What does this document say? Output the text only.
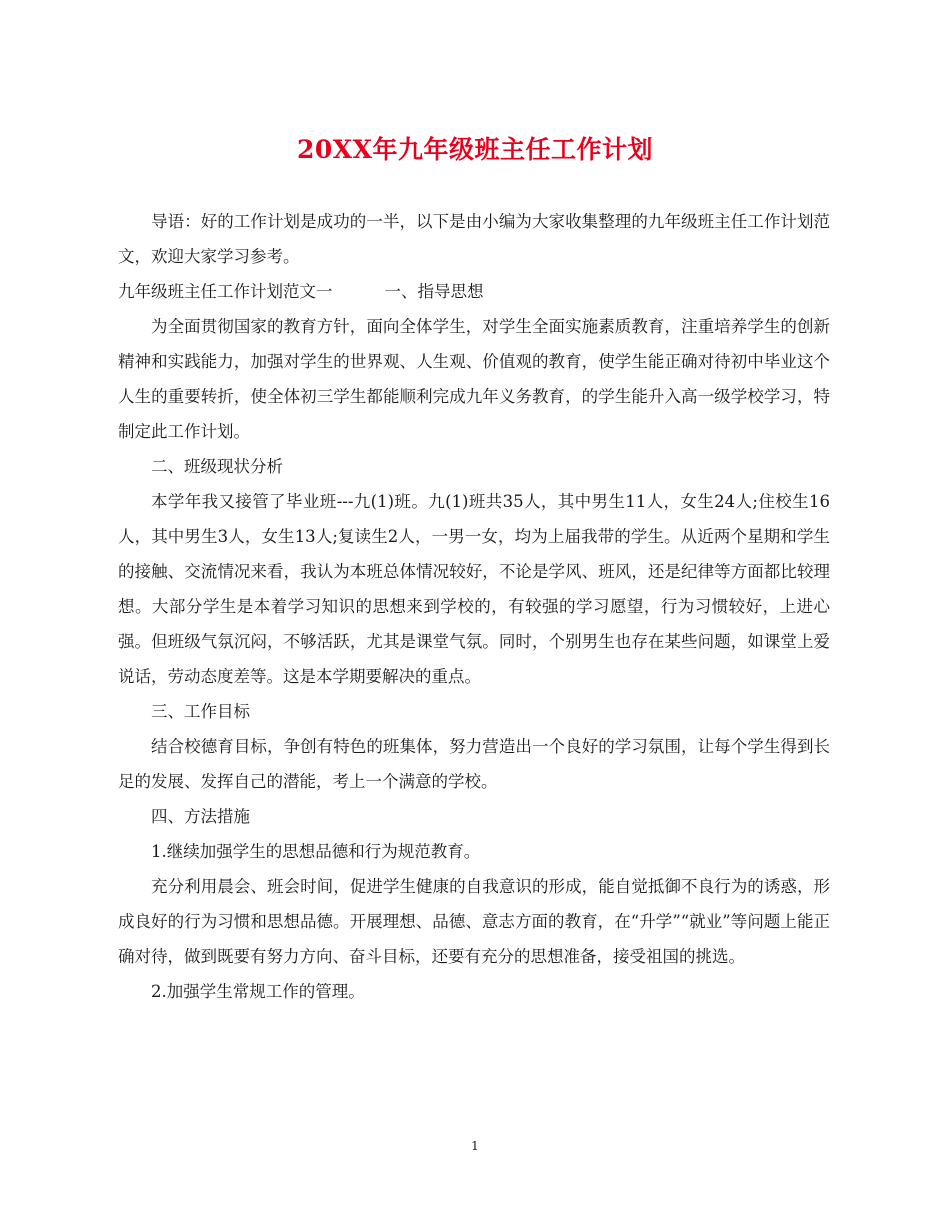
20XX年九年级班主任工作计划

导语：好的工作计划是成功的一半，以下是由小编为大家收集整理的九年级班主任工作计划范文，欢迎大家学习参考。

九年级班主任工作计划范文一	一、指导思想

为全面贯彻国家的教育方针，面向全体学生，对学生全面实施素质教育，注重培养学生的创新精神和实践能力，加强对学生的世界观、人生观、价值观的教育，使学生能正确对待初中毕业这个人生的重要转折，使全体初三学生都能顺利完成九年义务教育，的学生能升入高一级学校学习，特制定此工作计划。

二、班级现状分析

本学年我又接管了毕业班---九(1)班。九(1)班共35人，其中男生11人，女生24人;住校生16人，其中男生3人，女生13人;复读生2人，一男一女，均为上届我带的学生。从近两个星期和学生的接触、交流情况来看，我认为本班总体情况较好，不论是学风、班风，还是纪律等方面都比较理想。大部分学生是本着学习知识的思想来到学校的，有较强的学习愿望，行为习惯较好，上进心强。但班级气氛沉闷，不够活跃，尤其是课堂气氛。同时，个别男生也存在某些问题，如课堂上爱说话，劳动态度差等。这是本学期要解决的重点。

三、工作目标

结合校德育目标，争创有特色的班集体，努力营造出一个良好的学习氛围，让每个学生得到长足的发展、发挥自己的潜能，考上一个满意的学校。

四、方法措施

1.继续加强学生的思想品德和行为规范教育。

充分利用晨会、班会时间，促进学生健康的自我意识的形成，能自觉抵御不良行为的诱惑，形成良好的行为习惯和思想品德。开展理想、品德、意志方面的教育，在“升学”“就业”等问题上能正确对待，做到既要有努力方向、奋斗目标，还要有充分的思想准备，接受祖国的挑选。

2.加强学生常规工作的管理。

1
